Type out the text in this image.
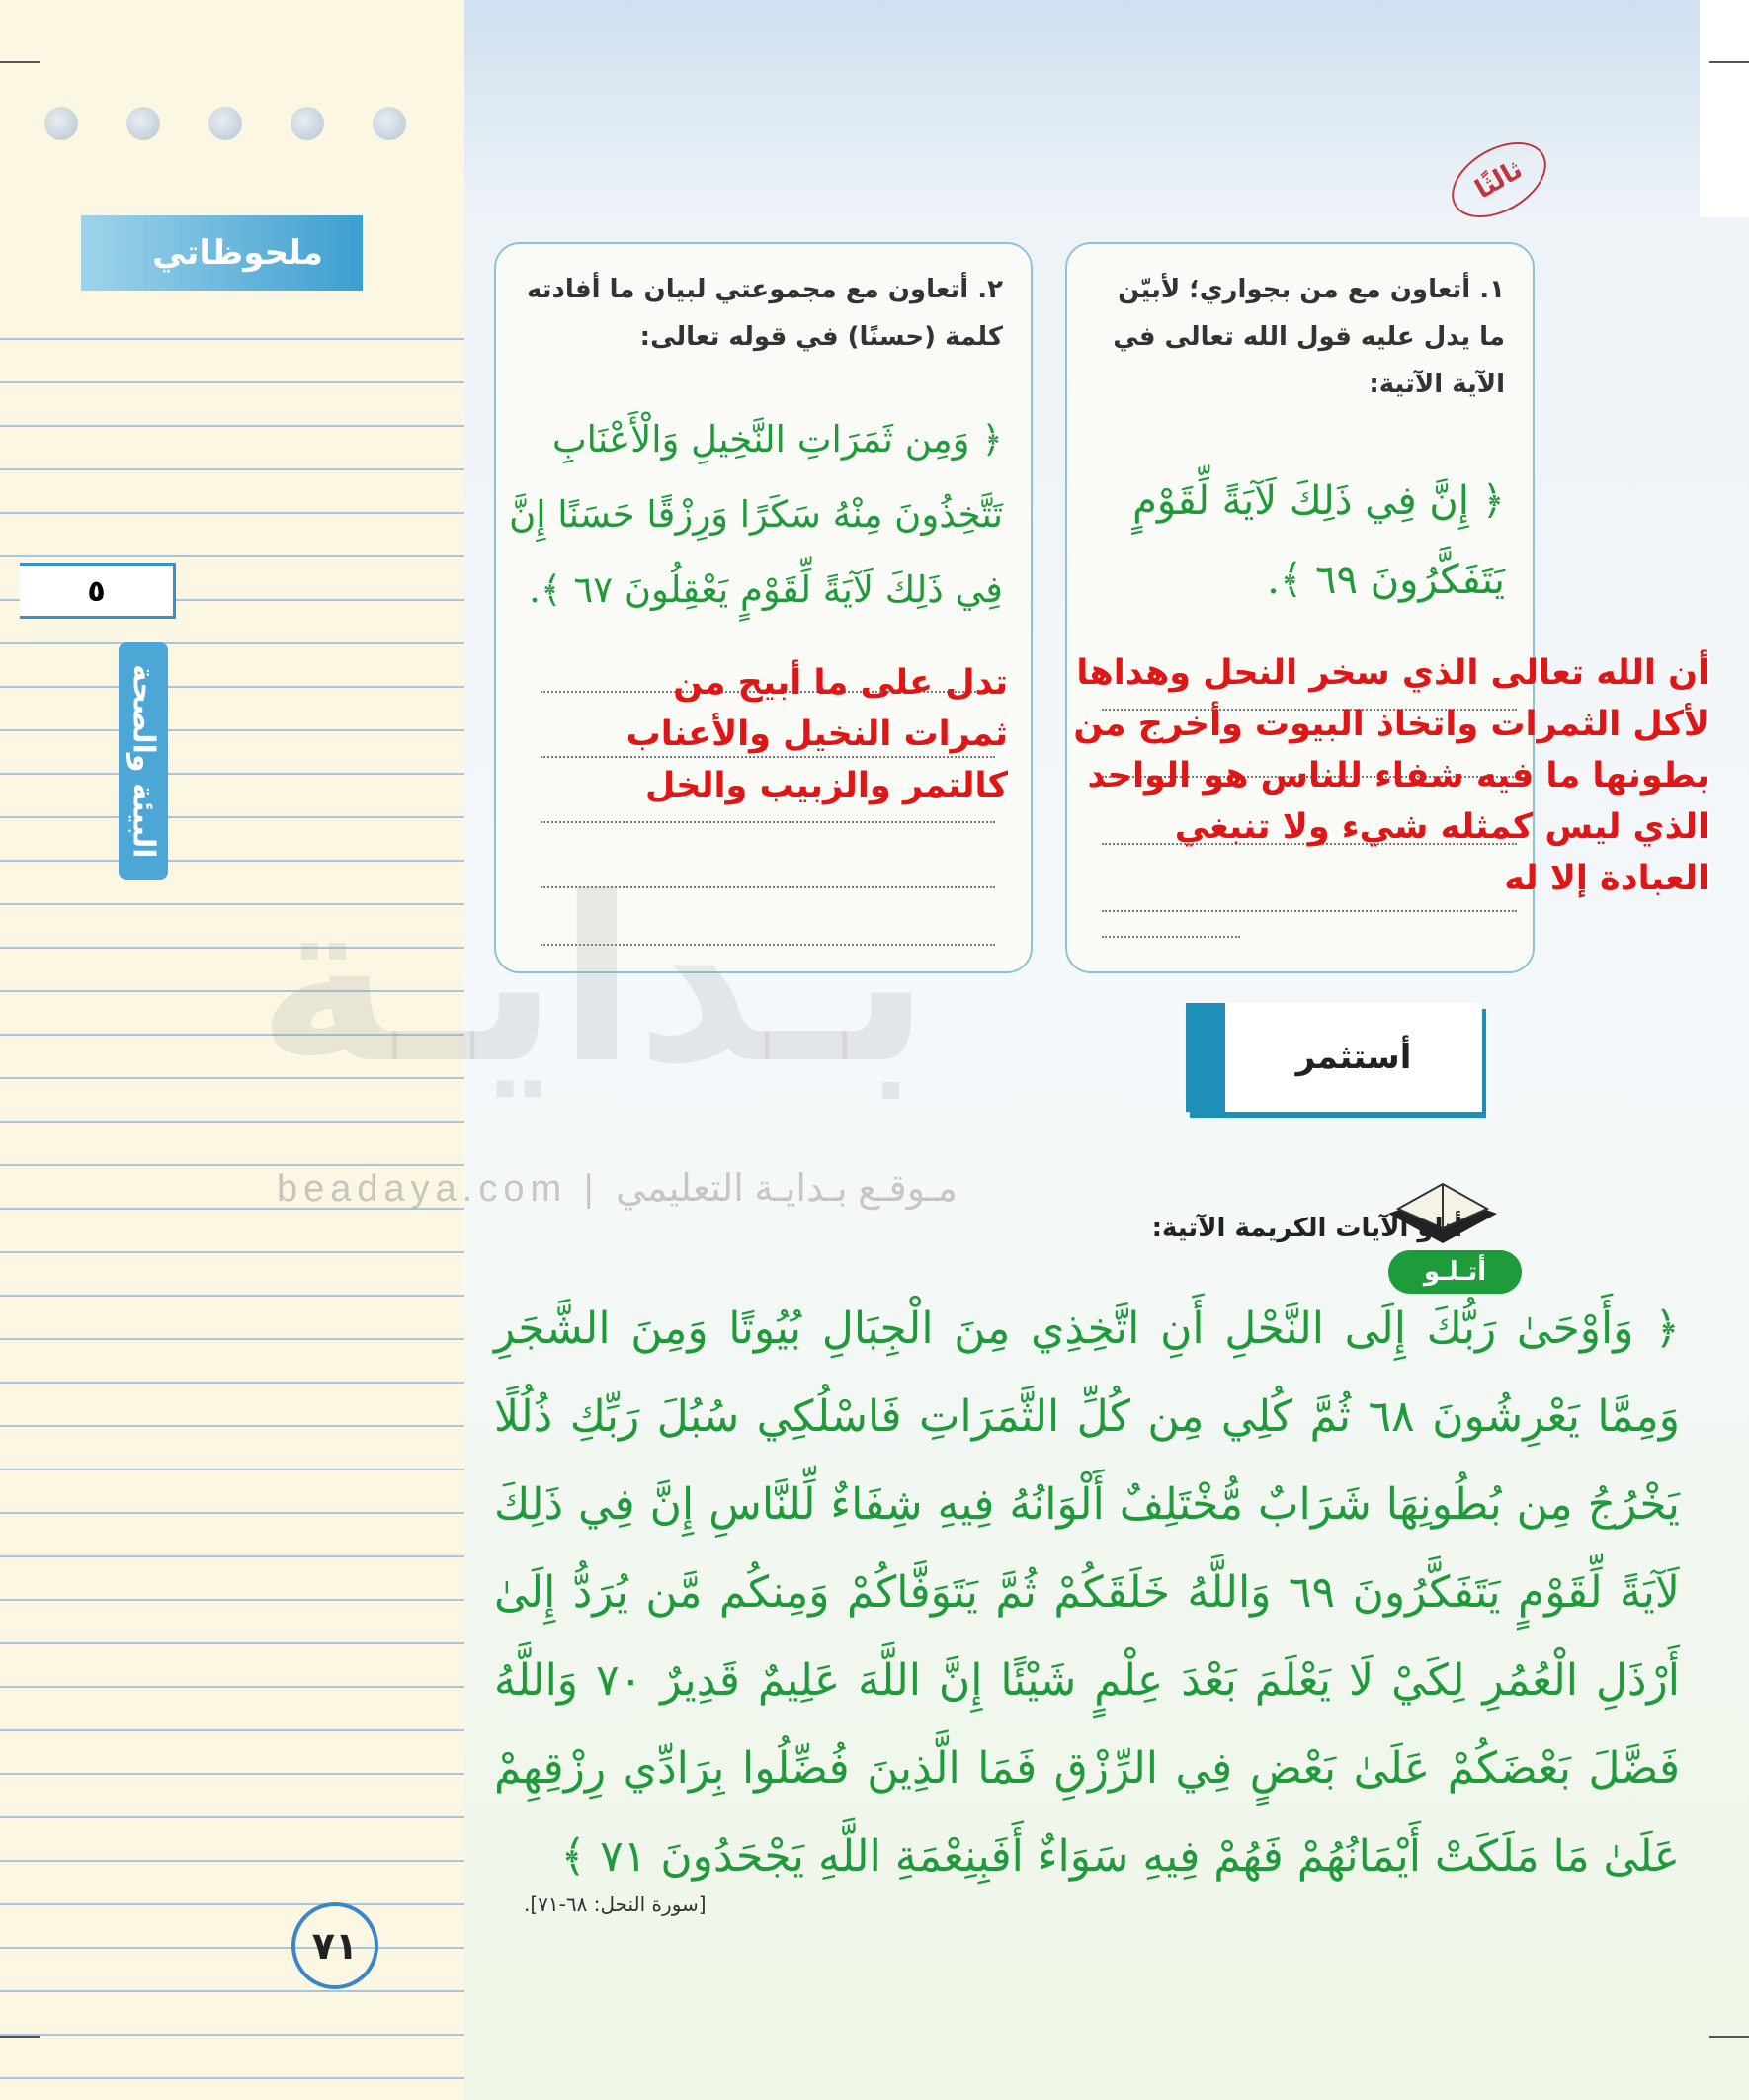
ملحوظاتي
٥
البيئة والصحة
٧١
ثالثًا
١. أتعاون مع من بجواري؛ لأبيّن ما يدل عليه قول الله تعالى في الآية الآتية:
﴿ إِنَّ فِي ذَلِكَ لَآيَةً لِّقَوْمٍ يَتَفَكَّرُونَ ٦٩ ﴾.
أن الله تعالى الذي سخر النحل وهداها لأكل الثمرات واتخاذ البيوت وأخرج من بطونها ما فيه شفاء للناس هو الواحد الذي ليس كمثله شيء ولا تنبغي العبادة إلا له
٢. أتعاون مع مجموعتي لبيان ما أفادته كلمة (حسنًا) في قوله تعالى:
﴿ وَمِن ثَمَرَاتِ النَّخِيلِ وَالْأَعْنَابِ تَتَّخِذُونَ مِنْهُ سَكَرًا وَرِزْقًا حَسَنًا إِنَّ فِي ذَلِكَ لَآيَةً لِّقَوْمٍ يَعْقِلُونَ ٦٧ ﴾.
تدل على ما أبيح من ثمرات النخيل والأعناب كالتمر والزبيب والخل
بـدايـة
beadaya.com | مـوقـع بـدايـة التعليمي
أستثمر
أتـلـو
أتلو الآيات الكريمة الآتية:
﴿ وَأَوْحَىٰ رَبُّكَ إِلَى النَّحْلِ أَنِ اتَّخِذِي مِنَ الْجِبَالِ بُيُوتًا وَمِنَ الشَّجَرِ وَمِمَّا يَعْرِشُونَ ٦٨ ثُمَّ كُلِي مِن كُلِّ الثَّمَرَاتِ فَاسْلُكِي سُبُلَ رَبِّكِ ذُلُلًا يَخْرُجُ مِن بُطُونِهَا شَرَابٌ مُّخْتَلِفٌ أَلْوَانُهُ فِيهِ شِفَاءٌ لِّلنَّاسِ إِنَّ فِي ذَلِكَ لَآيَةً لِّقَوْمٍ يَتَفَكَّرُونَ ٦٩ وَاللَّهُ خَلَقَكُمْ ثُمَّ يَتَوَفَّاكُمْ وَمِنكُم مَّن يُرَدُّ إِلَىٰ أَرْذَلِ الْعُمُرِ لِكَيْ لَا يَعْلَمَ بَعْدَ عِلْمٍ شَيْئًا إِنَّ اللَّهَ عَلِيمٌ قَدِيرٌ ٧٠ وَاللَّهُ فَضَّلَ بَعْضَكُمْ عَلَىٰ بَعْضٍ فِي الرِّزْقِ فَمَا الَّذِينَ فُضِّلُوا بِرَادِّي رِزْقِهِمْ عَلَىٰ مَا مَلَكَتْ أَيْمَانُهُمْ فَهُمْ فِيهِ سَوَاءٌ أَفَبِنِعْمَةِ اللَّهِ يَجْحَدُونَ ٧١ ﴾
[سورة النحل: ٦٨-٧١].
